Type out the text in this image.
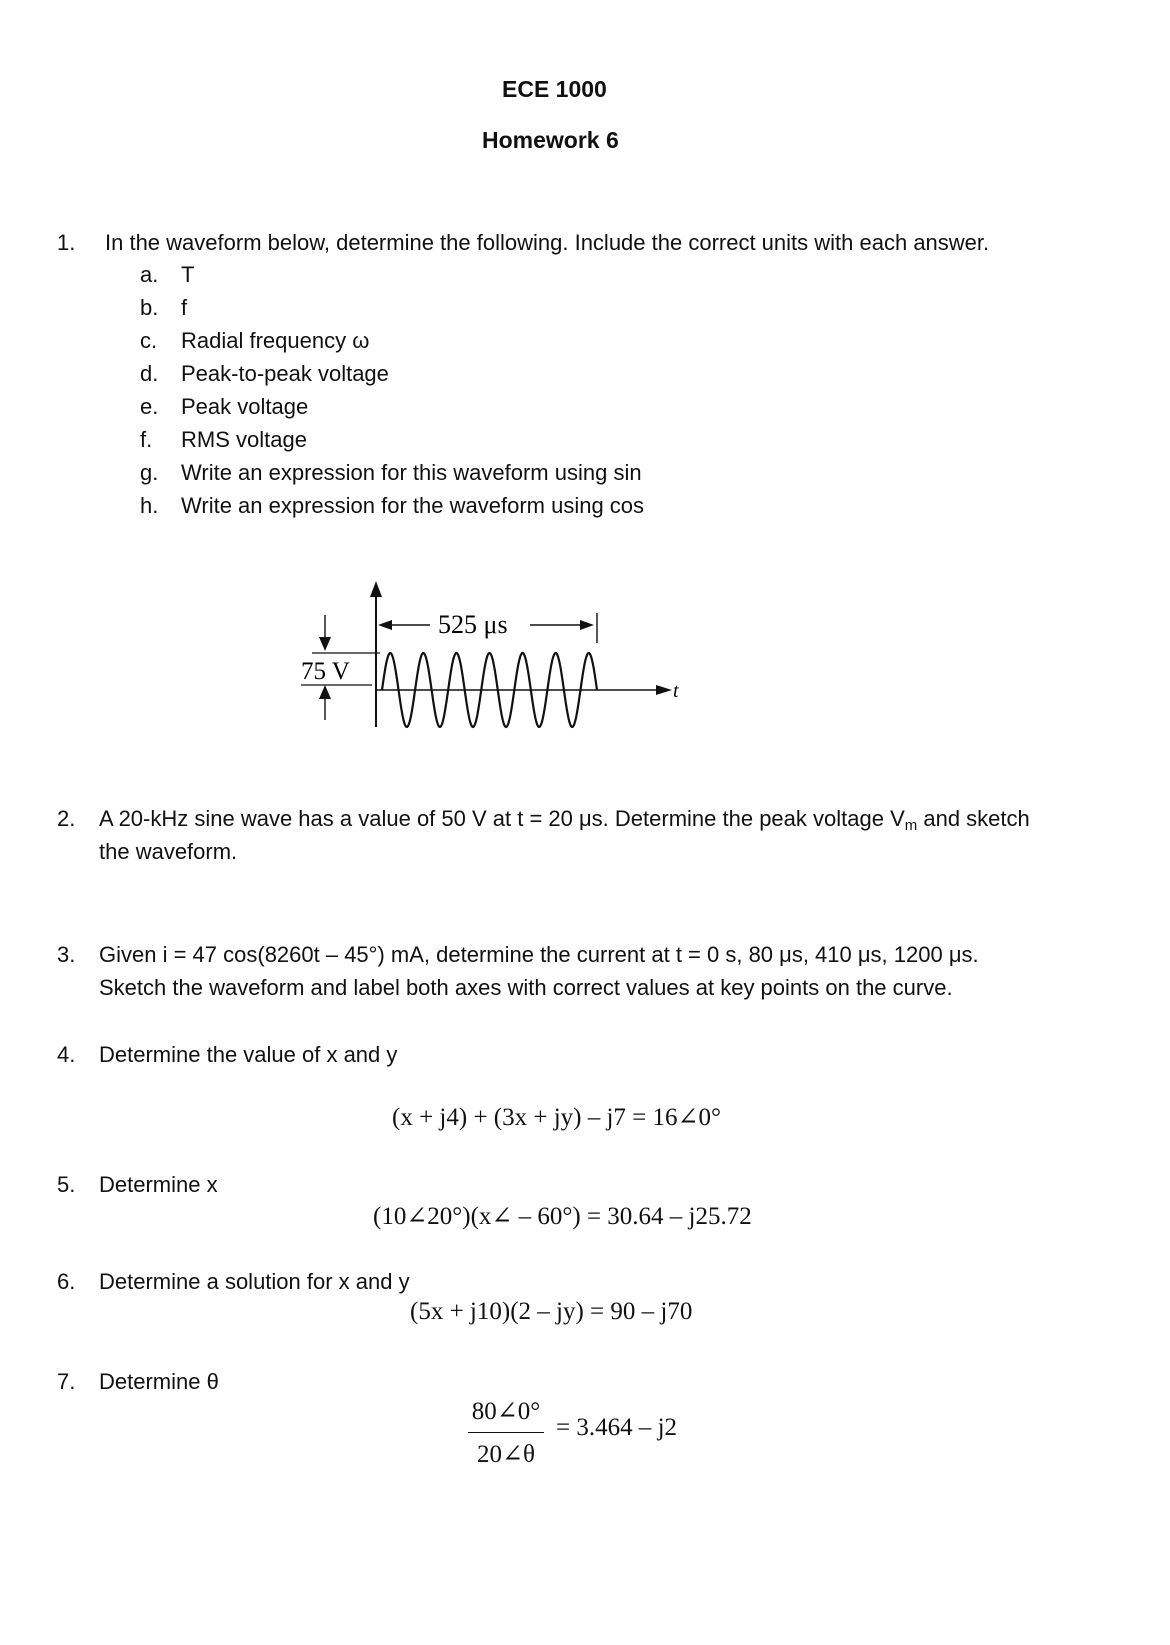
ECE 1000
Homework 6
1. In the waveform below, determine the following. Include the correct units with each answer.
a. T
b. f
c. Radial frequency ω
d. Peak-to-peak voltage
e. Peak voltage
f. RMS voltage
g. Write an expression for this waveform using sin
h. Write an expression for the waveform using cos
t
525 μs
75 V
2. A 20-kHz sine wave has a value of 50 V at t = 20 μs. Determine the peak voltage $V_m$ and sketch
the waveform.
3. Given i = 47 cos(8260t – 45°) mA, determine the current at t = 0 s, 80 μs, 410 μs, 1200 μs.
Sketch the waveform and label both axes with correct values at key points on the curve.
4. Determine the value of x and y
(x + j4) + (3x + jy) – j7 = 16∠0°
5. Determine x
(10∠20°)(x∠ – 60°) = 30.64 – j25.72
6. Determine a solution for x and y
(5x + j10)(2 – jy) = 90 – j70
7. Determine θ
80∠0°
20∠θ
= 3.464 – j2
